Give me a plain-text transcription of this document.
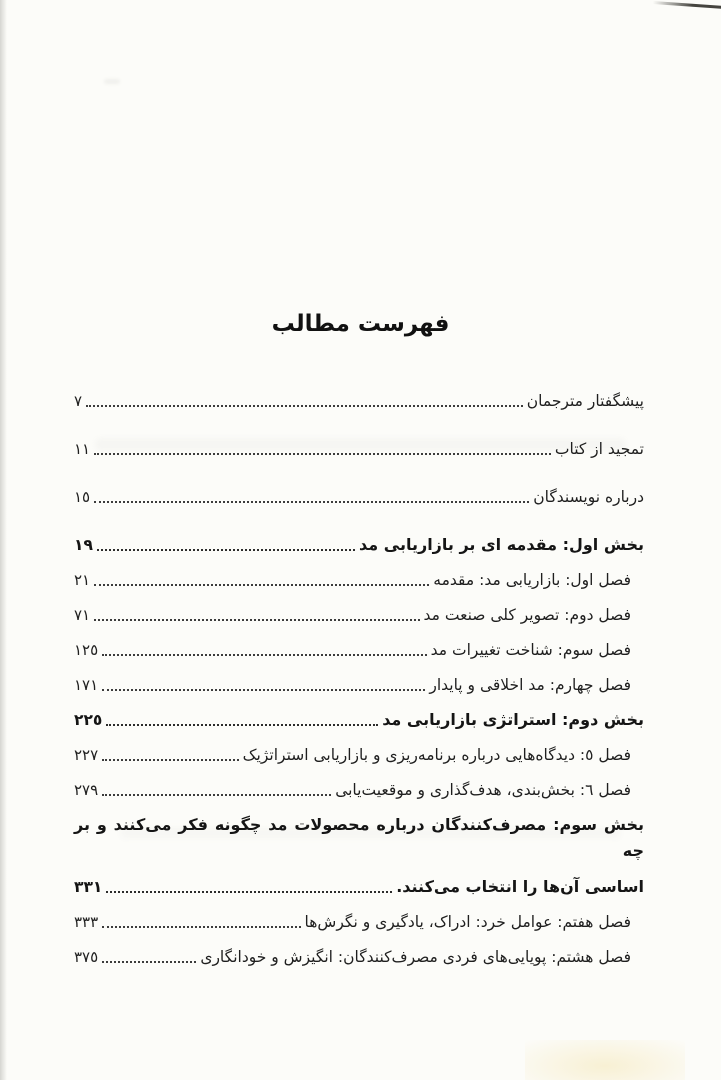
فهرست مطالب
پیشگفتار مترجمان
٧
تمجید از کتاب
١١
درباره نویسندگان
١٥
بخش اول: مقدمه ای بر بازاریابی مد
١٩
فصل اول: بازاریابی مد: مقدمه
٢١
فصل دوم: تصویر کلی صنعت مد
٧١
فصل سوم: شناخت تغییرات مد
١٢٥
فصل چهارم: مد اخلاقی و پایدار
١٧١
بخش دوم: استراتژی بازاریابی مد
٢٢٥
فصل ٥: دیدگاه‌هایی درباره برنامه‌ریزی و بازاریابی استراتژیک
٢٢٧
فصل ٦: بخش‌بندی، هدف‌گذاری و موقعیت‌یابی
٢٧٩
بخش سوم: مصرف‌کنندگان درباره محصولات مد چگونه فکر می‌کنند و بر چه
اساسی آن‌ها را انتخاب می‌کنند.
٣٣١
فصل هفتم: عوامل خرد: ادراک، یادگیری و نگرش‌ها
٣٣٣
فصل هشتم: پویایی‌های فردی مصرف‌کنندگان: انگیزش و خودانگاری
٣٧٥
